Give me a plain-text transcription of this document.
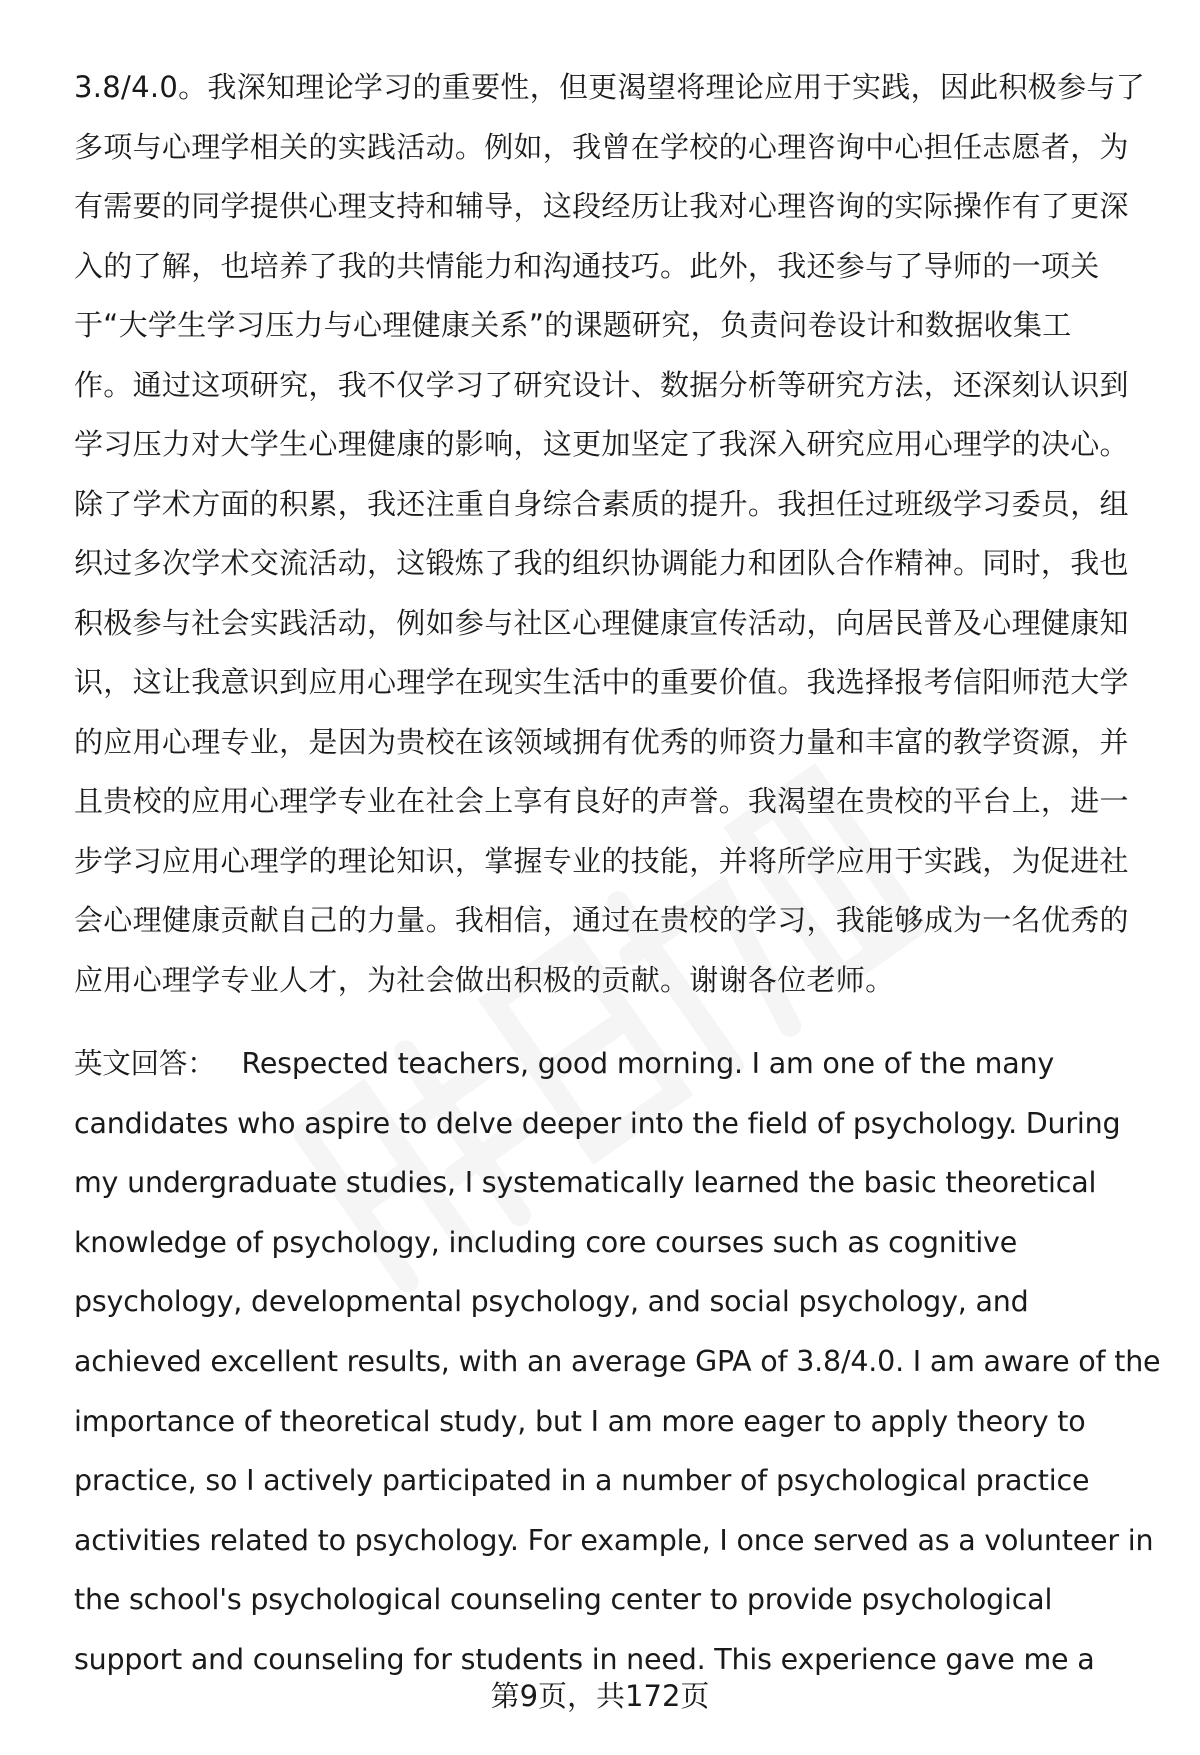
3.8/4.0。我深知理论学习的重要性，但更渴望将理论应用于实践，因此积极参与了
多项与心理学相关的实践活动。例如，我曾在学校的心理咨询中心担任志愿者，为
有需要的同学提供心理支持和辅导，这段经历让我对心理咨询的实际操作有了更深
入的了解，也培养了我的共情能力和沟通技巧。此外，我还参与了导师的一项关
于“大学生学习压力与心理健康关系”的课题研究，负责问卷设计和数据收集工
作。通过这项研究，我不仅学习了研究设计、数据分析等研究方法，还深刻认识到
学习压力对大学生心理健康的影响，这更加坚定了我深入研究应用心理学的决心。
除了学术方面的积累，我还注重自身综合素质的提升。我担任过班级学习委员，组
织过多次学术交流活动，这锻炼了我的组织协调能力和团队合作精神。同时，我也
积极参与社会实践活动，例如参与社区心理健康宣传活动，向居民普及心理健康知
识，这让我意识到应用心理学在现实生活中的重要价值。我选择报考信阳师范大学
的应用心理专业，是因为贵校在该领域拥有优秀的师资力量和丰富的教学资源，并
且贵校的应用心理学专业在社会上享有良好的声誉。我渴望在贵校的平台上，进一
步学习应用心理学的理论知识，掌握专业的技能，并将所学应用于实践，为促进社
会心理健康贡献自己的力量。我相信，通过在贵校的学习，我能够成为一名优秀的
应用心理学专业人才，为社会做出积极的贡献。谢谢各位老师。
英文回答： Respected teachers, good morning. I am one of the many
candidates who aspire to delve deeper into the field of psychology. During
my undergraduate studies, I systematically learned the basic theoretical
knowledge of psychology, including core courses such as cognitive
psychology, developmental psychology, and social psychology, and
achieved excellent results, with an average GPA of 3.8/4.0. I am aware of the
importance of theoretical study, but I am more eager to apply theory to
practice, so I actively participated in a number of psychological practice
activities related to psychology. For example, I once served as a volunteer in
the school's psychological counseling center to provide psychological
support and counseling for students in need. This experience gave me a
第9页，共172页
